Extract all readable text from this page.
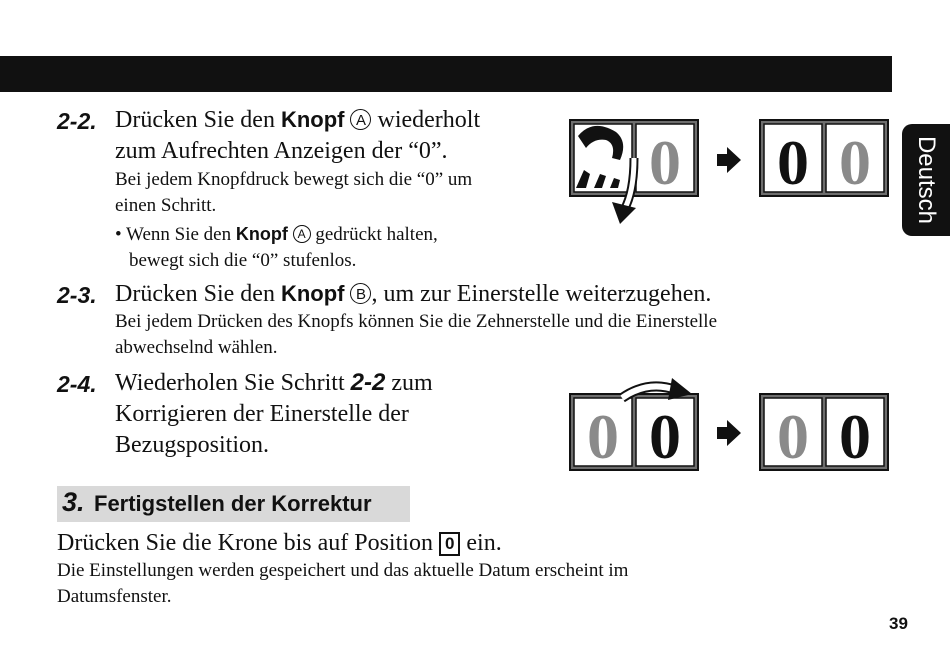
Deutsch
2-2. Drücken Sie den Knopf A wiederholt
zum Aufrechten Anzeigen der “0”.
Bei jedem Knopfdruck bewegt sich die “0” um
einen Schritt.
• Wenn Sie den Knopf A gedrückt halten,
bewegt sich die “0” stufenlos.
2-3. Drücken Sie den Knopf B , um zur Einerstelle weiterzugehen.
Bei jedem Drücken des Knopfs können Sie die Zehnerstelle und die Einerstelle
abwechselnd wählen.
2-4. Wiederholen Sie Schritt 2-2 zum
Korrigieren der Einerstelle der
Bezugsposition.
3. Fertigstellen der Korrektur
Drücken Sie die Krone bis auf Position 0 ein.
Die Einstellungen werden gespeichert und das aktuelle Datum erscheint im
Datumsfenster.
39
0 0 0
0 0 0 0
